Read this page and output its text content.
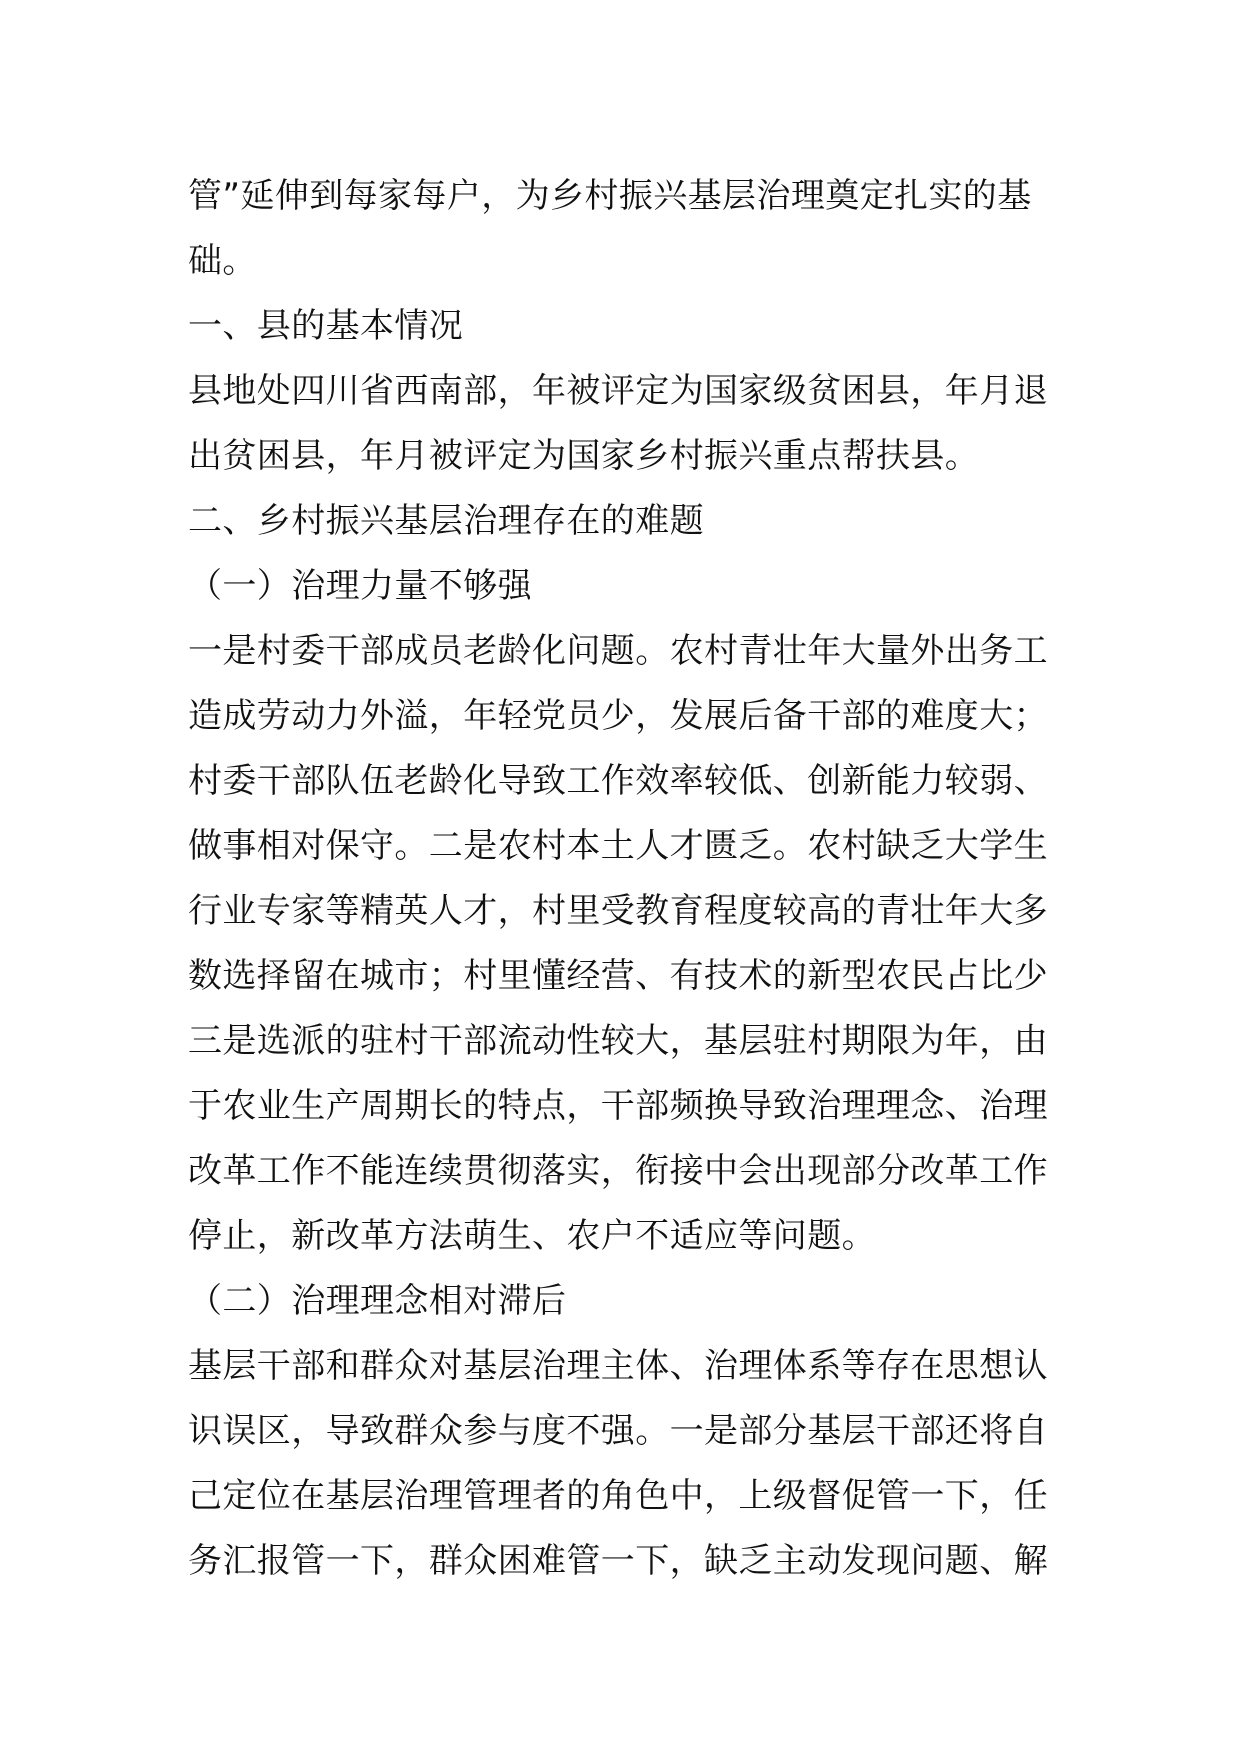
管”延伸到每家每户，为乡村振兴基层治理奠定扎实的基
础。
一、县的基本情况
县地处四川省西南部，年被评定为国家级贫困县，年月退
出贫困县，年月被评定为国家乡村振兴重点帮扶县。
二、乡村振兴基层治理存在的难题
（一）治理力量不够强
一是村委干部成员老龄化问题。农村青壮年大量外出务工
造成劳动力外溢，年轻党员少，发展后备干部的难度大；
村委干部队伍老龄化导致工作效率较低、创新能力较弱、
做事相对保守。二是农村本土人才匮乏。农村缺乏大学生
行业专家等精英人才，村里受教育程度较高的青壮年大多
数选择留在城市；村里懂经营、有技术的新型农民占比少
三是选派的驻村干部流动性较大，基层驻村期限为年，由
于农业生产周期长的特点，干部频换导致治理理念、治理
改革工作不能连续贯彻落实，衔接中会出现部分改革工作
停止，新改革方法萌生、农户不适应等问题。
（二）治理理念相对滞后
基层干部和群众对基层治理主体、治理体系等存在思想认
识误区，导致群众参与度不强。一是部分基层干部还将自
己定位在基层治理管理者的角色中，上级督促管一下，任
务汇报管一下，群众困难管一下，缺乏主动发现问题、解
